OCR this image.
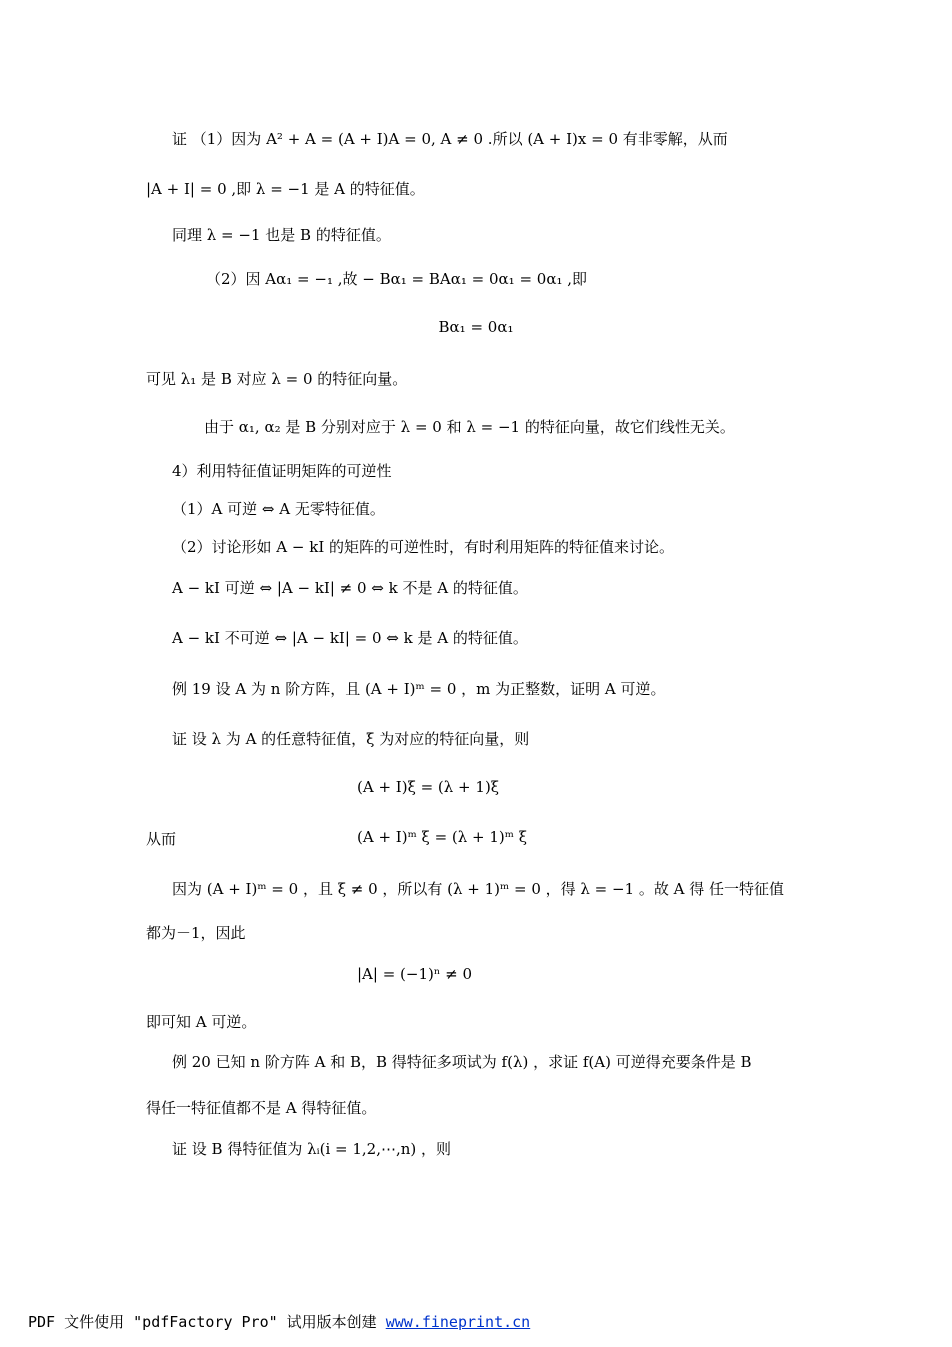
证 （1）因为 A² + A = (A + I)A = 0, A ≠ 0 .所以 (A + I)x = 0 有非零解，从而
|A + I| = 0 ,即 λ = −1 是 A 的特征值。
同理 λ = −1 也是 B 的特征值。
（2）因 Aα₁ = −₁ ,故 − Bα₁ = BAα₁ = 0α₁ = 0α₁ ,即
Bα₁ = 0α₁
可见 λ₁ 是 B 对应 λ = 0 的特征向量。
由于 α₁, α₂ 是 B 分别对应于 λ = 0 和 λ = −1 的特征向量，故它们线性无关。
4）利用特征值证明矩阵的可逆性
（1）A 可逆 ⇔ A 无零特征值。
（2）讨论形如 A − kI 的矩阵的可逆性时，有时利用矩阵的特征值来讨论。
A − kI 可逆 ⇔ |A − kI| ≠ 0 ⇔ k 不是 A 的特征值。
A − kI 不可逆 ⇔ |A − kI| = 0 ⇔ k 是 A 的特征值。
例 19 设 A 为 n 阶方阵，且 (A + I)ᵐ = 0 ，m 为正整数，证明 A 可逆。
证 设 λ 为 A 的任意特征值，ξ 为对应的特征向量，则
(A + I)ξ = (λ + 1)ξ
从而	(A + I)ᵐ ξ = (λ + 1)ᵐ ξ
因为 (A + I)ᵐ = 0 ，且 ξ ≠ 0 ，所以有 (λ + 1)ᵐ = 0 ，得 λ = −1 。故 A 得 任一特征值
都为－1，因此
|A| = (−1)ⁿ ≠ 0
即可知 A 可逆。
例 20 已知 n 阶方阵 A 和 B，B 得特征多项试为 f(λ) ，求证 f(A) 可逆得充要条件是 B
得任一特征值都不是 A 得特征值。
证 设 B 得特征值为 λᵢ(i = 1,2,⋯,n) ，则
PDF 文件使用 "pdfFactory Pro" 试用版本创建 www.fineprint.cn
